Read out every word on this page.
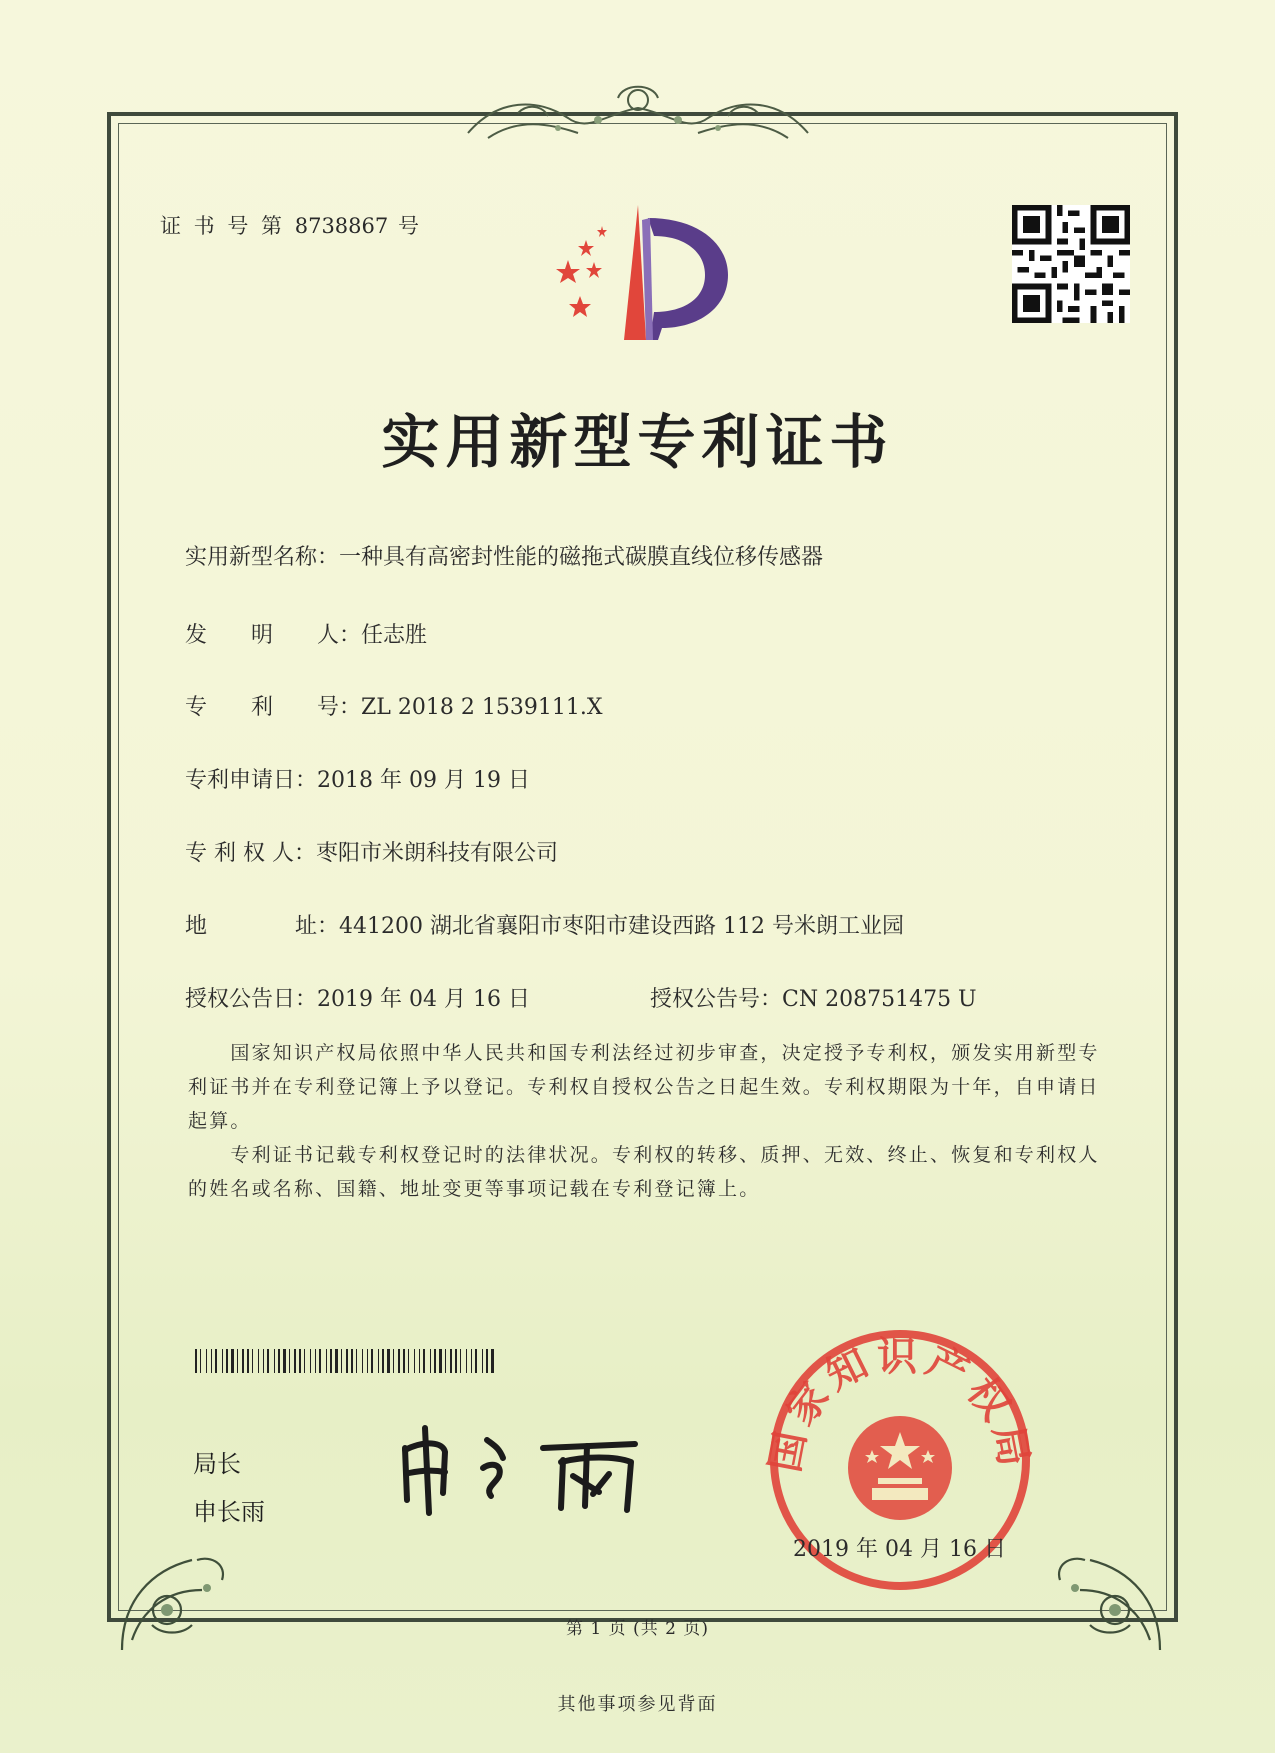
证 书 号 第 8738867 号
实用新型专利证书
实用新型名称：一种具有高密封性能的磁拖式碳膜直线位移传感器
发　　明　　人：任志胜
专　　利　　号：ZL 2018 2 1539111.X
专利申请日：2018 年 09 月 19 日
专 利 权 人：枣阳市米朗科技有限公司
地　　　　址：441200 湖北省襄阳市枣阳市建设西路 112 号米朗工业园
授权公告日：2019 年 04 月 16 日	授权公告号：CN 208751475 U
　　国家知识产权局依照中华人民共和国专利法经过初步审查，决定授予专利权，颁发实用新型专利证书并在专利登记簿上予以登记。专利权自授权公告之日起生效。专利权期限为十年，自申请日起算。
　　专利证书记载专利权登记时的法律状况。专利权的转移、质押、无效、终止、恢复和专利权人的姓名或名称、国籍、地址变更等事项记载在专利登记簿上。
局长
申长雨
国家知识产权局
2019 年 04 月 16 日
第 1 页 (共 2 页)
其他事项参见背面
